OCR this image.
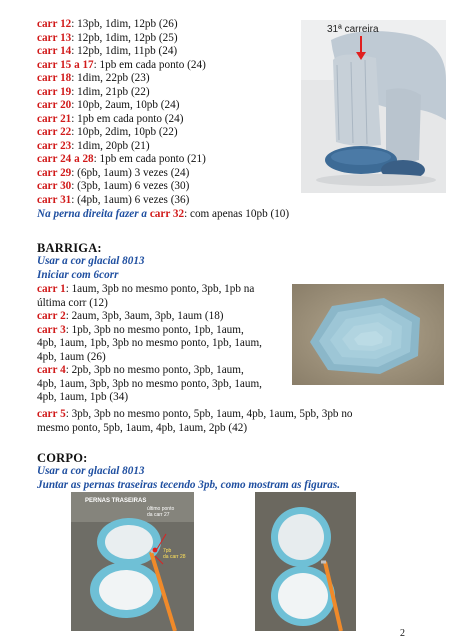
carr 12: 13pb, 1dim, 12pb (26)
carr 13: 12pb, 1dim, 12pb (25)
carr 14: 12pb, 1dim, 11pb (24)
carr 15 a 17: 1pb em cada ponto (24)
carr 18: 1dim, 22pb (23)
carr 19: 1dim, 21pb (22)
carr 20: 10pb, 2aum, 10pb (24)
carr 21: 1pb em cada ponto (24)
carr 22: 10pb, 2dim, 10pb (22)
carr 23: 1dim, 20pb (21)
carr 24 a 28: 1pb em cada ponto (21)
carr 29: (6pb, 1aum) 3 vezes (24)
carr 30: (3pb, 1aum) 6 vezes (30)
carr 31: (4pb, 1aum) 6 vezes (36)
Na perna direita fazer a carr 32: com apenas 10pb (10)
31ª carreira
BARRIGA:
Usar a cor glacial 8013
Iniciar com 6corr
carr 1: 1aum, 3pb no mesmo ponto, 3pb, 1pb na
última corr (12)
carr 2: 2aum, 3pb, 3aum, 3pb, 1aum (18)
carr 3: 1pb, 3pb no mesmo ponto, 1pb, 1aum,
4pb, 1aum, 1pb, 3pb no mesmo ponto, 1pb, 1aum,
4pb, 1aum (26)
carr 4: 2pb, 3pb no mesmo ponto, 3pb, 1aum,
4pb, 1aum, 3pb, 3pb no mesmo ponto, 3pb, 1aum,
4pb, 1aum, 1pb (34)
carr 5: 3pb, 3pb no mesmo ponto, 5pb, 1aum, 4pb, 1aum, 5pb, 3pb no
mesmo ponto, 5pb, 1aum, 4pb, 1aum, 2pb (42)
CORPO:
Usar a cor glacial 8013
Juntar as pernas traseiras tecendo 3pb, como mostram as figuras.
PERNAS TRASEIRAS
último ponto
da carr 27
7pb
da carr 28
2
